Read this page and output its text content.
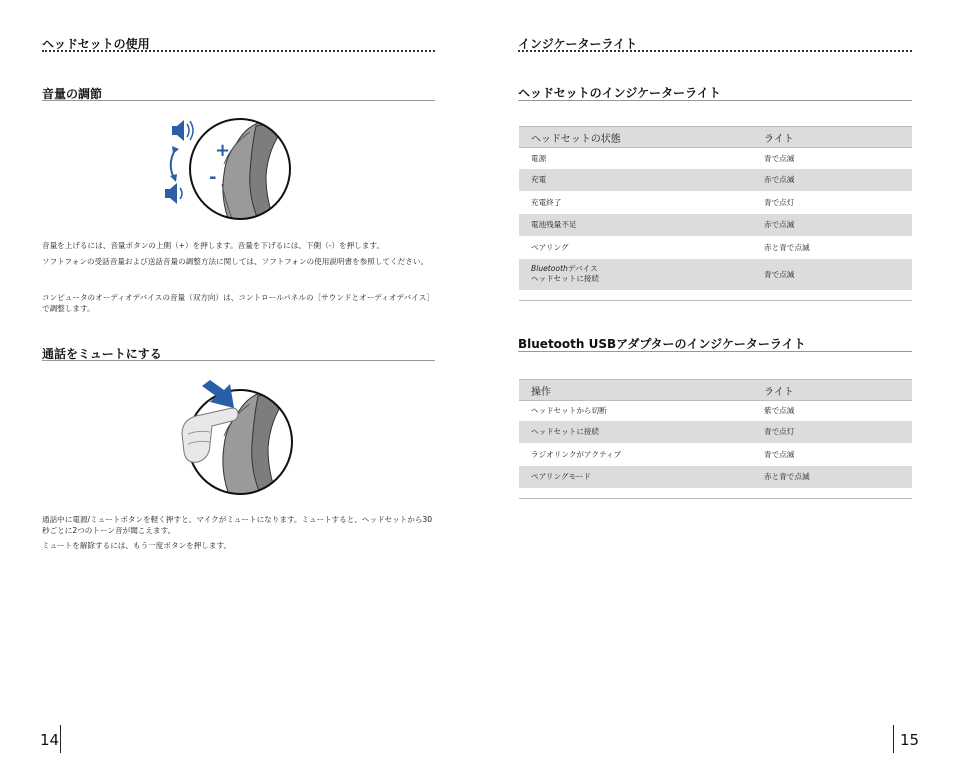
ヘッドセットの使用
音量の調節
+
-
音量を上げるには、音量ボタンの上側（+）を押します。音量を下げるには、下側（-）を押します。
ソフトフォンの受話音量および送話音量の調整方法に関しては、ソフトフォンの使用説明書を参照してください。
コンピュータのオーディオデバイスの音量（双方向）は、コントロールパネルの［サウンドとオーディオデバイス］で調整します。
通話をミュートにする
通話中に電源/ミュートボタンを軽く押すと、マイクがミュートになります。ミュートすると、ヘッドセットから30秒ごとに2つのトーン音が聞こえます。
ミュートを解除するには、もう一度ボタンを押します。
14
インジケーターライト
ヘッドセットのインジケーターライト
ヘッドセットの状態	ライト
電源	青で点滅
充電	赤で点滅
充電終了	青で点灯
電池残量不足	赤で点滅
ペアリング	赤と青で点滅
Bluetoothデバイス
ヘッドセットに接続	青で点滅

Bluetooth USBアダプターのインジケーターライト
操作	ライト
ヘッドセットから切断	紫で点滅
ヘッドセットに接続	青で点灯
ラジオリンクがアクティブ	青で点滅
ペアリングモード	赤と青で点滅

15
